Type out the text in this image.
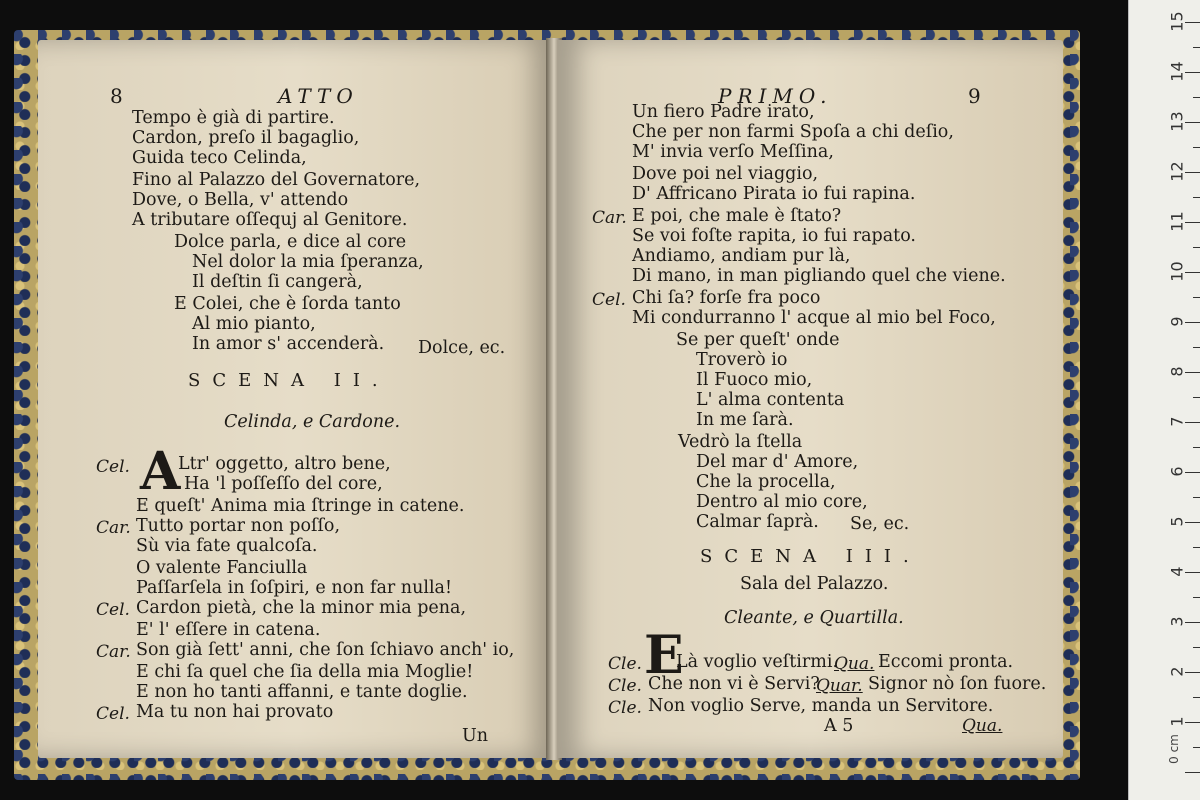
8	ATTO
Tempo è già di partire.
Cardon, preſo il bagaglio,
Guida teco Celinda,
Fino al Palazzo del Governatore,
Dove, o Bella, v' attendo
A tributare oſſequj al Genitore.
Dolce parla, e dice al core
Nel dolor la mia ſperanza,
Il deſtin ſi cangerà,
E Colei, che è ſorda tanto
Al mio pianto,
In amor s' accenderà. Dolce, ec.
SCENA II.
Celinda, e Cardone.
Cel. A
Ltr' oggetto, altro bene,
Ha 'l poſſeſſo del core,
E queſt' Anima mia ſtringe in catene.
Car. Tutto portar non poſſo,
Sù via fate qualcoſa.
O valente Fanciulla
Paſſarſela in ſoſpiri, e non far nulla!
Cel. Cardon pietà, che la minor mia pena,
E' l' eſſere in catena.
Car. Son già ſett' anni, che ſon ſchiavo anch' io,
E chi ſa quel che ſia della mia Moglie!
E non ho tanti affanni, e tante doglie.
Cel. Ma tu non hai provato
Un
PRIMO.	9
Un fiero Padre irato,
Che per non farmi Spoſa a chi deſio,
M' invia verſo Meſſina,
Dove poi nel viaggio,
D' Affricano Pirata io fui rapina.
Car. E poi, che male è ſtato?
Se voi foſte rapita, io fui rapato.
Andiamo, andiam pur là,
Di mano, in man pigliando quel che viene.
Cel. Chi ſa? forſe fra poco
Mi condurranno l' acque al mio bel Foco,
Se per queſt' onde
Troverò io
Il Fuoco mio,
L' alma contenta
In me ſarà.
Vedrò la ſtella
Del mar d' Amore,
Che la procella,
Dentro al mio core,
Calmar ſaprà. Se, ec.
SCENA III.
Sala del Palazzo.
Cleante, e Quartilla.
Cle. E
Là voglio veſtirmi.
Qua. Eccomi pronta.
Cle. Che non vi è Servi?
Quar. Signor nò ſon fuore.
Cle. Non voglio Serve, manda un Servitore.
A 5	Qua.
0 cm
1
2
3
4
5
6
7
8
9
10
11
12
13
14
15
